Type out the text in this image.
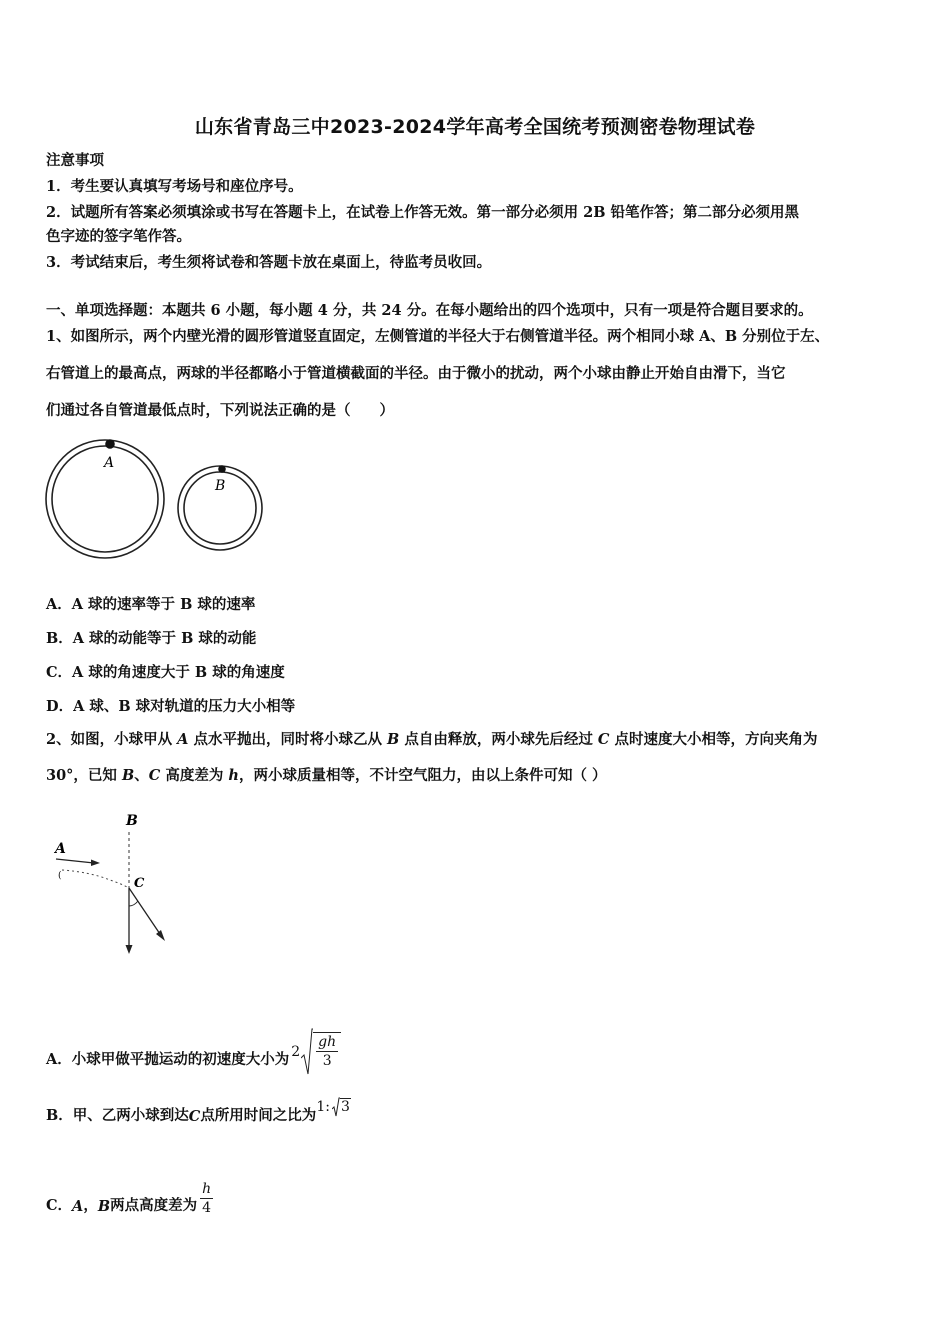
山东省青岛三中2023-2024学年高考全国统考预测密卷物理试卷
注意事项
1．考生要认真填写考场号和座位序号。
2．试题所有答案必须填涂或书写在答题卡上，在试卷上作答无效。第一部分必须用 2B 铅笔作答；第二部分必须用黑
色字迹的签字笔作答。
3．考试结束后，考生须将试卷和答题卡放在桌面上，待监考员收回。
一、单项选择题：本题共 6 小题，每小题 4 分，共 24 分。在每小题给出的四个选项中，只有一项是符合题目要求的。
1、如图所示，两个内壁光滑的圆形管道竖直固定，左侧管道的半径大于右侧管道半径。两个相同小球 A、B 分别位于左、
右管道上的最高点，两球的半径都略小于管道横截面的半径。由于微小的扰动，两个小球由静止开始自由滑下，当它
们通过各自管道最低点时，下列说法正确的是（　　）
A
B
A．A 球的速率等于 B 球的速率
B．A 球的动能等于 B 球的动能
C．A 球的角速度大于 B 球的角速度
D．A 球、B 球对轨道的压力大小相等
2、如图，小球甲从 A 点水平抛出，同时将小球乙从 B 点自由释放，两小球先后经过 C 点时速度大小相等，方向夹角为
30°，已知 B、C 高度差为 h，两小球质量相等，不计空气阻力，由以上条件可知（ ）
B
A
C
(
A．小球甲做平抛运动的初速度大小为 2
gh
3
B．甲、乙两小球到达 C 点所用时间之比为 1: 3
C． A ， B 两点高度差为
h
4
